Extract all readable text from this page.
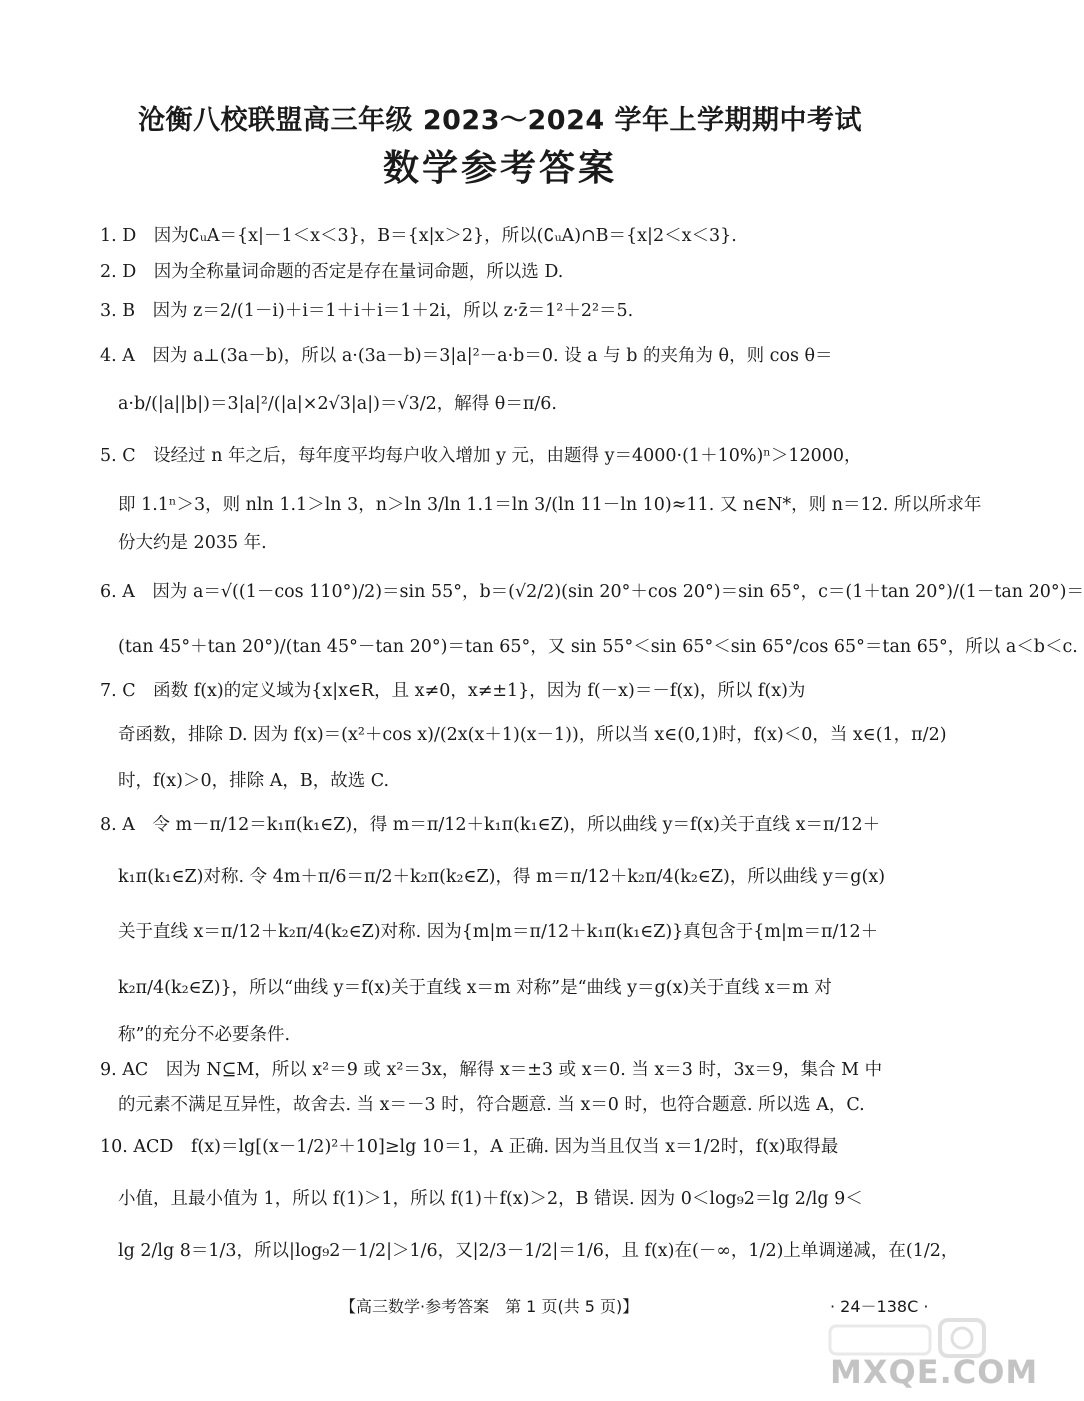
沧衡八校联盟高三年级 2023～2024 学年上学期期中考试
数学参考答案
1. D　因为∁ᵤA＝{x|－1＜x＜3}，B＝{x|x＞2}，所以(∁ᵤA)∩B＝{x|2＜x＜3}.
2. D　因为全称量词命题的否定是存在量词命题，所以选 D.
3. B　因为 z＝2/(1－i)＋i＝1＋i＋i＝1＋2i，所以 z·z̄＝1²＋2²＝5.
4. A　因为 a⊥(3a－b)，所以 a·(3a－b)＝3|a|²－a·b＝0. 设 a 与 b 的夹角为 θ，则 cos θ＝
a·b/(|a||b|)＝3|a|²/(|a|×2√3|a|)＝√3/2，解得 θ＝π/6.
5. C　设经过 n 年之后，每年度平均每户收入增加 y 元，由题得 y＝4000·(1＋10%)ⁿ＞12000，
即 1.1ⁿ＞3，则 nln 1.1＞ln 3，n＞ln 3/ln 1.1＝ln 3/(ln 11－ln 10)≈11. 又 n∈N*，则 n＝12. 所以所求年
份大约是 2035 年.
6. A　因为 a＝√((1－cos 110°)/2)＝sin 55°，b＝(√2/2)(sin 20°＋cos 20°)＝sin 65°，c＝(1＋tan 20°)/(1－tan 20°)＝
(tan 45°＋tan 20°)/(tan 45°－tan 20°)＝tan 65°，又 sin 55°＜sin 65°＜sin 65°/cos 65°＝tan 65°，所以 a＜b＜c.
7. C　函数 f(x)的定义域为{x|x∈R，且 x≠0，x≠±1}，因为 f(－x)＝－f(x)，所以 f(x)为
奇函数，排除 D. 因为 f(x)＝(x²＋cos x)/(2x(x＋1)(x－1))，所以当 x∈(0,1)时，f(x)＜0，当 x∈(1，π/2)
时，f(x)＞0，排除 A，B，故选 C.
8. A　令 m－π/12＝k₁π(k₁∈Z)，得 m＝π/12＋k₁π(k₁∈Z)，所以曲线 y＝f(x)关于直线 x＝π/12＋
k₁π(k₁∈Z)对称. 令 4m＋π/6＝π/2＋k₂π(k₂∈Z)，得 m＝π/12＋k₂π/4(k₂∈Z)，所以曲线 y＝g(x)
关于直线 x＝π/12＋k₂π/4(k₂∈Z)对称. 因为{m|m＝π/12＋k₁π(k₁∈Z)}真包含于{m|m＝π/12＋
k₂π/4(k₂∈Z)}，所以“曲线 y＝f(x)关于直线 x＝m 对称”是“曲线 y＝g(x)关于直线 x＝m 对
称”的充分不必要条件.
9. AC　因为 N⊆M，所以 x²＝9 或 x²＝3x，解得 x＝±3 或 x＝0. 当 x＝3 时，3x＝9，集合 M 中
的元素不满足互异性，故舍去. 当 x＝－3 时，符合题意. 当 x＝0 时，也符合题意. 所以选 A，C.
10. ACD　f(x)＝lg[(x－1/2)²＋10]≥lg 10＝1，A 正确. 因为当且仅当 x＝1/2时，f(x)取得最
小值，且最小值为 1，所以 f(1)＞1，所以 f(1)＋f(x)＞2，B 错误. 因为 0＜log₉2＝lg 2/lg 9＜
lg 2/lg 8＝1/3，所以|log₉2－1/2|＞1/6，又|2/3－1/2|＝1/6，且 f(x)在(－∞，1/2)上单调递减，在(1/2，
【高三数学·参考答案　第 1 页(共 5 页)】	· 24－138C ·
MXQE.COM
